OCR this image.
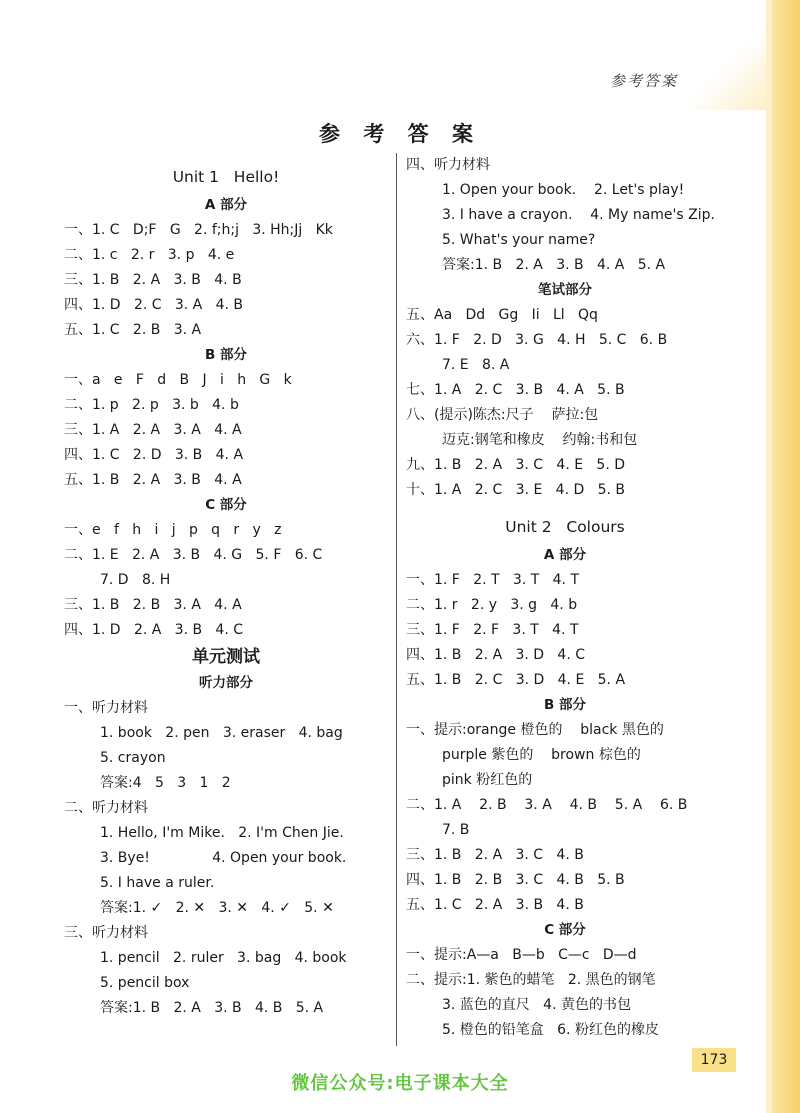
参考答案
参 考 答 案
Unit 1   Hello!
A 部分
一、1. C   D;F   G   2. f;h;j   3. Hh;Jj   Kk
二、1. c   2. r   3. p   4. e
三、1. B   2. A   3. B   4. B
四、1. D   2. C   3. A   4. B
五、1. C   2. B   3. A
B 部分
一、a   e   F   d   B   J   i   h   G   k
二、1. p   2. p   3. b   4. b
三、1. A   2. A   3. A   4. A
四、1. C   2. D   3. B   4. A
五、1. B   2. A   3. B   4. A
C 部分
一、e   f   h   i   j   p   q   r   y   z
二、1. E   2. A   3. B   4. G   5. F   6. C
7. D   8. H
三、1. B   2. B   3. A   4. A
四、1. D   2. A   3. B   4. C
单元测试
听力部分
一、听力材料
1. book   2. pen   3. eraser   4. bag
5. crayon
答案:4   5   3   1   2
二、听力材料
1. Hello, I'm Mike.   2. I'm Chen Jie.
3. Bye!              4. Open your book.
5. I have a ruler.
答案:1. ✓   2. ✕   3. ✕   4. ✓   5. ✕
三、听力材料
1. pencil   2. ruler   3. bag   4. book
5. pencil box
答案:1. B   2. A   3. B   4. B   5. A
四、听力材料
1. Open your book.    2. Let's play!
3. I have a crayon.    4. My name's Zip.
5. What's your name?
答案:1. B   2. A   3. B   4. A   5. A
笔试部分
五、Aa   Dd   Gg   Ii   Ll   Qq
六、1. F   2. D   3. G   4. H   5. C   6. B
7. E   8. A
七、1. A   2. C   3. B   4. A   5. B
八、(提示)陈杰:尺子    萨拉:包
迈克:钢笔和橡皮    约翰:书和包
九、1. B   2. A   3. C   4. E   5. D
十、1. A   2. C   3. E   4. D   5. B
Unit 2   Colours
A 部分
一、1. F   2. T   3. T   4. T
二、1. r   2. y   3. g   4. b
三、1. F   2. F   3. T   4. T
四、1. B   2. A   3. D   4. C
五、1. B   2. C   3. D   4. E   5. A
B 部分
一、提示:orange 橙色的    black 黑色的
purple 紫色的    brown 棕色的
pink 粉红色的
二、1. A    2. B    3. A    4. B    5. A    6. B
7. B
三、1. B   2. A   3. C   4. B
四、1. B   2. B   3. C   4. B   5. B
五、1. C   2. A   3. B   4. B
C 部分
一、提示:A—a   B—b   C—c   D—d
二、提示:1. 紫色的蜡笔   2. 黑色的钢笔
3. 蓝色的直尺   4. 黄色的书包
5. 橙色的铅笔盒   6. 粉红色的橡皮
173
微信公众号:电子课本大全
